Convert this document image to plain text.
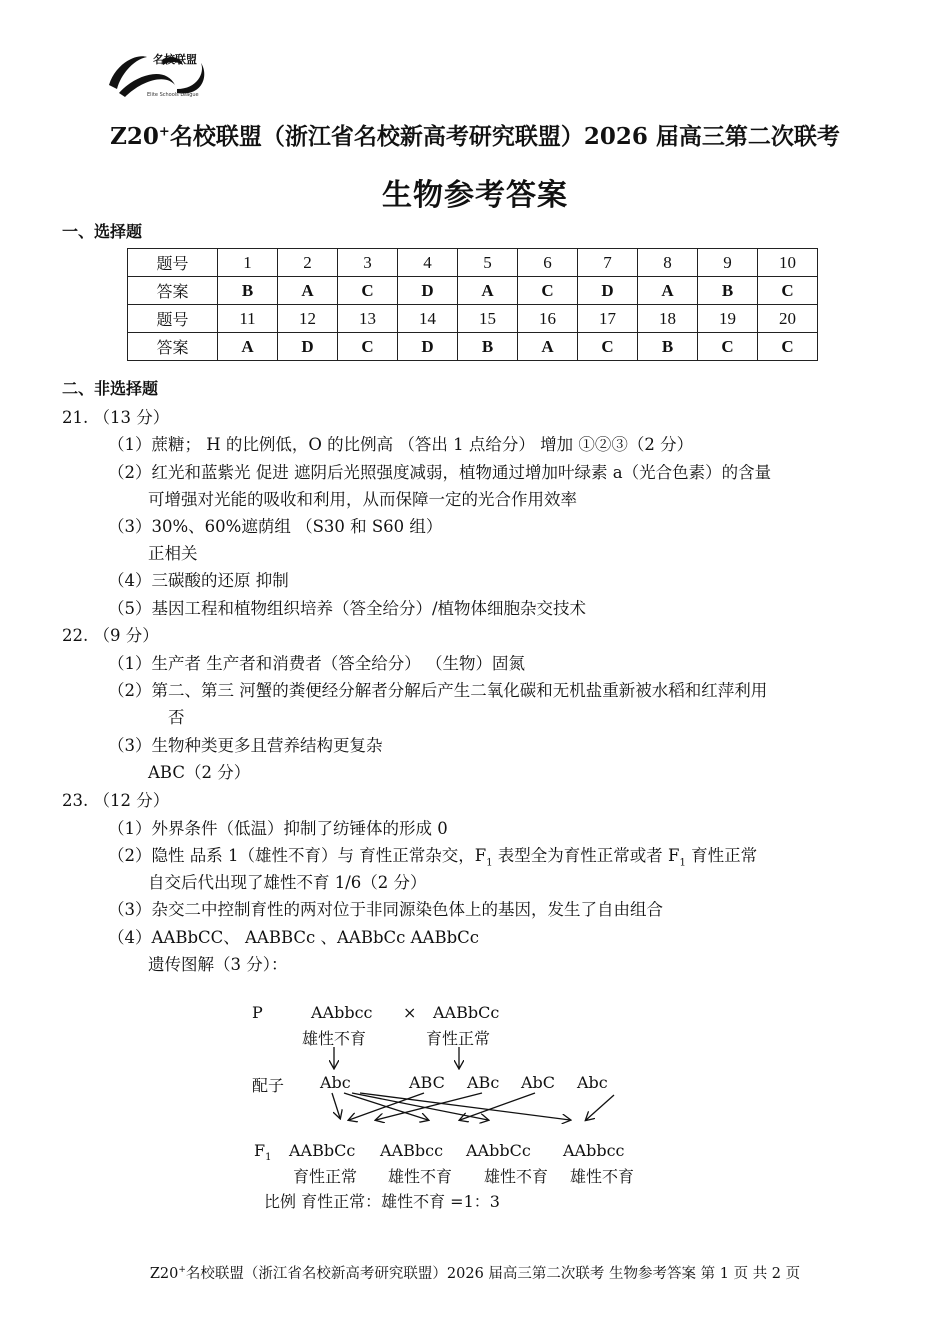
名校联盟
Elite Schools League
Z20+名校联盟（浙江省名校新高考研究联盟）2026 届高三第二次联考
生物参考答案
一、选择题
题号	1	2	3	4	5	6	7	8	9	10
答案	B	A	C	D	A	C	D	A	B	C
题号	11	12	13	14	15	16	17	18	19	20
答案	A	D	C	D	B	A	C	B	C	C
二、非选择题
21. （13 分）
（1）蔗糖； H 的比例低，O 的比例高 （答出 1 点给分） 增加 ①②③（2 分）
（2）红光和蓝紫光 促进 遮阴后光照强度减弱，植物通过增加叶绿素 a（光合色素）的含量
可增强对光能的吸收和利用，从而保障一定的光合作用效率
（3）30%、60%遮荫组 （S30 和 S60 组）
正相关
（4）三碳酸的还原 抑制
（5）基因工程和植物组织培养（答全给分）/植物体细胞杂交技术
22. （9 分）
（1）生产者 生产者和消费者（答全给分） （生物）固氮
（2）第二、第三 河蟹的粪便经分解者分解后产生二氧化碳和无机盐重新被水稻和红萍利用
否
（3）生物种类更多且营养结构更复杂
ABC（2 分）
23. （12 分）
（1）外界条件（低温）抑制了纺锤体的形成 0
（2）隐性 品系 1（雄性不育）与 育性正常杂交，$F_1$ 表型全为育性正常或者 $F_1$ 育性正常
自交后代出现了雄性不育 1/6（2 分）
（3）杂交二中控制育性的两对位于非同源染色体上的基因，发生了自由组合
（4）AABbCC、 AABBCc 、AABbCc AABbCc
遗传图解（3 分）：
P	AAbbcc × AABbCc
雄性不育	育性正常
配子 Abc	ABC ABc AbC Abc
$F_1$ AABbCc AABbcc AAbbCc AAbbcc
育性正常 雄性不育 雄性不育 雄性不育
比例 育性正常：雄性不育 =1：3
Z20+名校联盟（浙江省名校新高考研究联盟）2026 届高三第二次联考 生物参考答案 第 1 页 共 2 页
